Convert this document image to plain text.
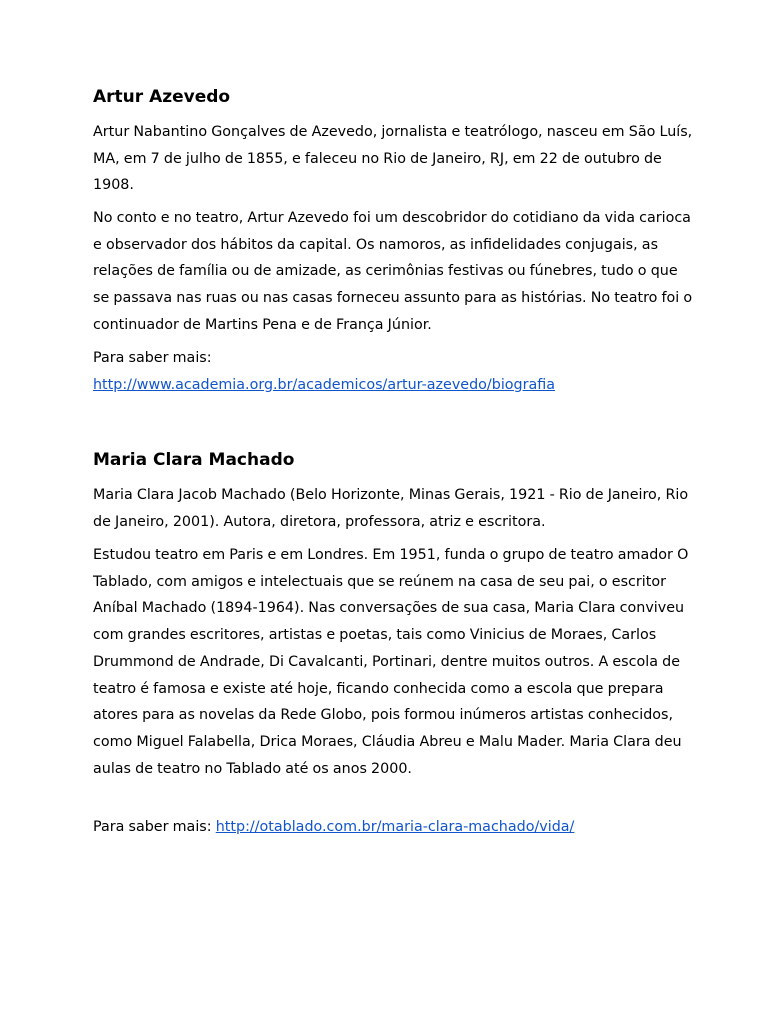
Artur Azevedo

Artur Nabantino Gonçalves de Azevedo, jornalista e teatrólogo, nasceu em São Luís, MA, em 7 de julho de 1855, e faleceu no Rio de Janeiro, RJ, em 22 de outubro de 1908.

No conto e no teatro, Artur Azevedo foi um descobridor do cotidiano da vida carioca e observador dos hábitos da capital. Os namoros, as infidelidades conjugais, as relações de família ou de amizade, as cerimônias festivas ou fúnebres, tudo o que se passava nas ruas ou nas casas forneceu assunto para as histórias. No teatro foi o continuador de Martins Pena e de França Júnior.

Para saber mais:
http://www.academia.org.br/academicos/artur-azevedo/biografia

Maria Clara Machado

Maria Clara Jacob Machado (Belo Horizonte, Minas Gerais, 1921 - Rio de Janeiro, Rio de Janeiro, 2001). Autora, diretora, professora, atriz e escritora.

Estudou teatro em Paris e em Londres. Em 1951, funda o grupo de teatro amador O Tablado, com amigos e intelectuais que se reúnem na casa de seu pai, o escritor Aníbal Machado (1894-1964). Nas conversações de sua casa, Maria Clara conviveu com grandes escritores, artistas e poetas, tais como Vinicius de Moraes, Carlos Drummond de Andrade, Di Cavalcanti, Portinari, dentre muitos outros. A escola de teatro é famosa e existe até hoje, ficando conhecida como a escola que prepara atores para as novelas da Rede Globo, pois formou inúmeros artistas conhecidos, como Miguel Falabella, Drica Moraes, Cláudia Abreu e Malu Mader. Maria Clara deu aulas de teatro no Tablado até os anos 2000.

Para saber mais: http://otablado.com.br/maria-clara-machado/vida/
